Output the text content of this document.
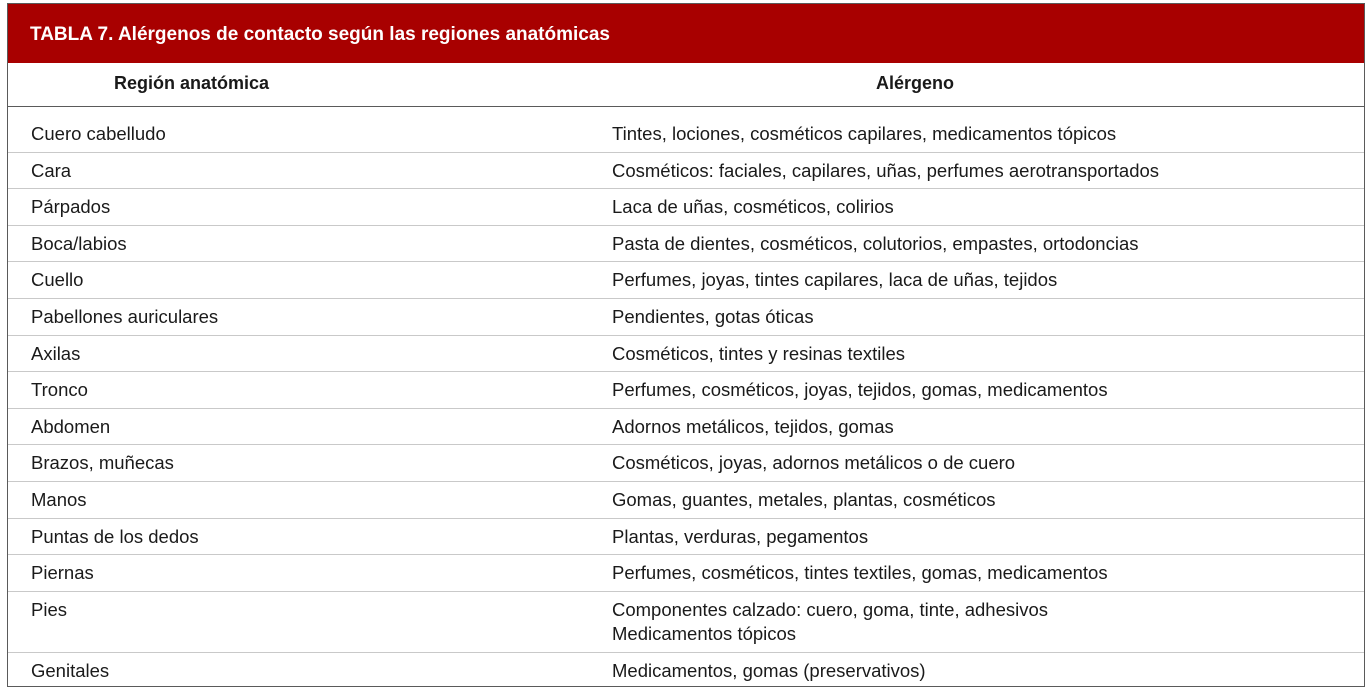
TABLA 7. Alérgenos de contacto según las regiones anatómicas
Región anatómica	Alérgeno
Cuero cabelludo	Tintes, lociones, cosméticos capilares, medicamentos tópicos
Cara	Cosméticos: faciales, capilares, uñas, perfumes aerotransportados
Párpados	Laca de uñas, cosméticos, colirios
Boca/labios	Pasta de dientes, cosméticos, colutorios, empastes, ortodoncias
Cuello	Perfumes, joyas, tintes capilares, laca de uñas, tejidos
Pabellones auriculares	Pendientes, gotas óticas
Axilas	Cosméticos, tintes y resinas textiles
Tronco	Perfumes, cosméticos, joyas, tejidos, gomas, medicamentos
Abdomen	Adornos metálicos, tejidos, gomas
Brazos, muñecas	Cosméticos, joyas, adornos metálicos o de cuero
Manos	Gomas, guantes, metales, plantas, cosméticos
Puntas de los dedos	Plantas, verduras, pegamentos
Piernas	Perfumes, cosméticos, tintes textiles, gomas, medicamentos
Pies	Componentes calzado: cuero, goma, tinte, adhesivos
Medicamentos tópicos
Genitales	Medicamentos, gomas (preservativos)
